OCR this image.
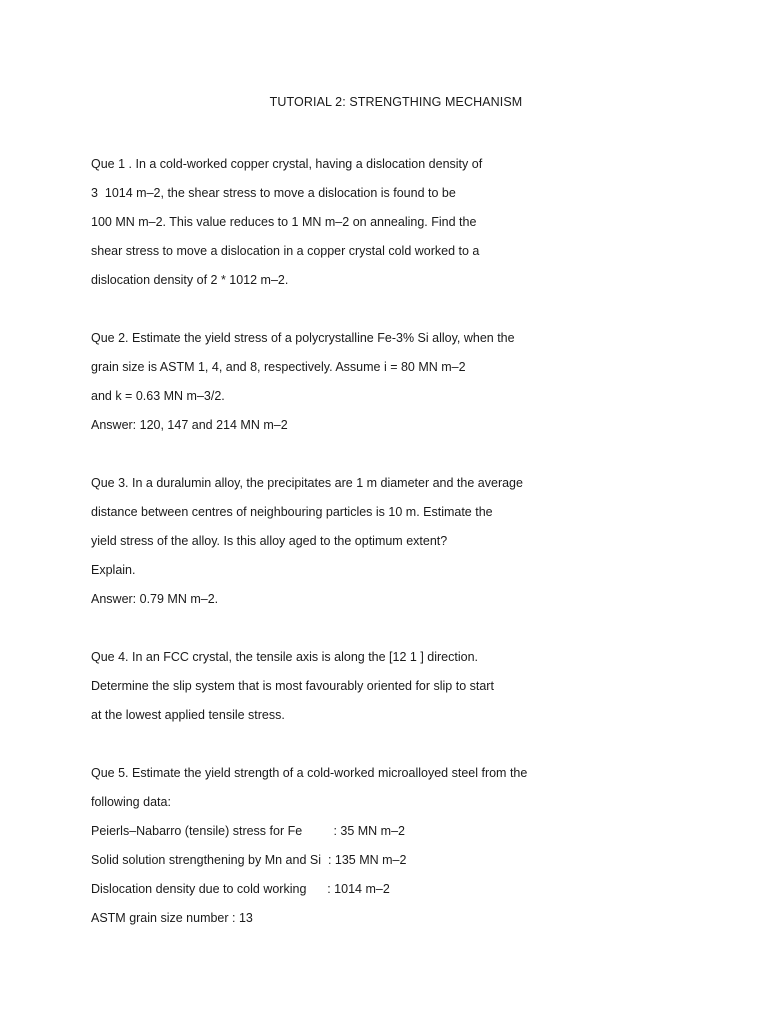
TUTORIAL 2: STRENGTHING MECHANISM
Que 1 . In a cold-worked copper crystal, having a dislocation density of
3  1014 m–2, the shear stress to move a dislocation is found to be
100 MN m–2. This value reduces to 1 MN m–2 on annealing. Find the
shear stress to move a dislocation in a copper crystal cold worked to a
dislocation density of 2 * 1012 m–2.
Que 2. Estimate the yield stress of a polycrystalline Fe-3% Si alloy, when the
grain size is ASTM 1, 4, and 8, respectively. Assume i = 80 MN m–2
and k = 0.63 MN m–3/2.
Answer: 120, 147 and 214 MN m–2
Que 3. In a duralumin alloy, the precipitates are 1 m diameter and the average
distance between centres of neighbouring particles is 10 m. Estimate the
yield stress of the alloy. Is this alloy aged to the optimum extent?
Explain.
Answer: 0.79 MN m–2.
Que 4. In an FCC crystal, the tensile axis is along the [12 1 ] direction.
Determine the slip system that is most favourably oriented for slip to start
at the lowest applied tensile stress.
Que 5. Estimate the yield strength of a cold-worked microalloyed steel from the
following data:
Peierls–Nabarro (tensile) stress for Fe         : 35 MN m–2
Solid solution strengthening by Mn and Si  : 135 MN m–2
Dislocation density due to cold working      : 1014 m–2
ASTM grain size number : 13
